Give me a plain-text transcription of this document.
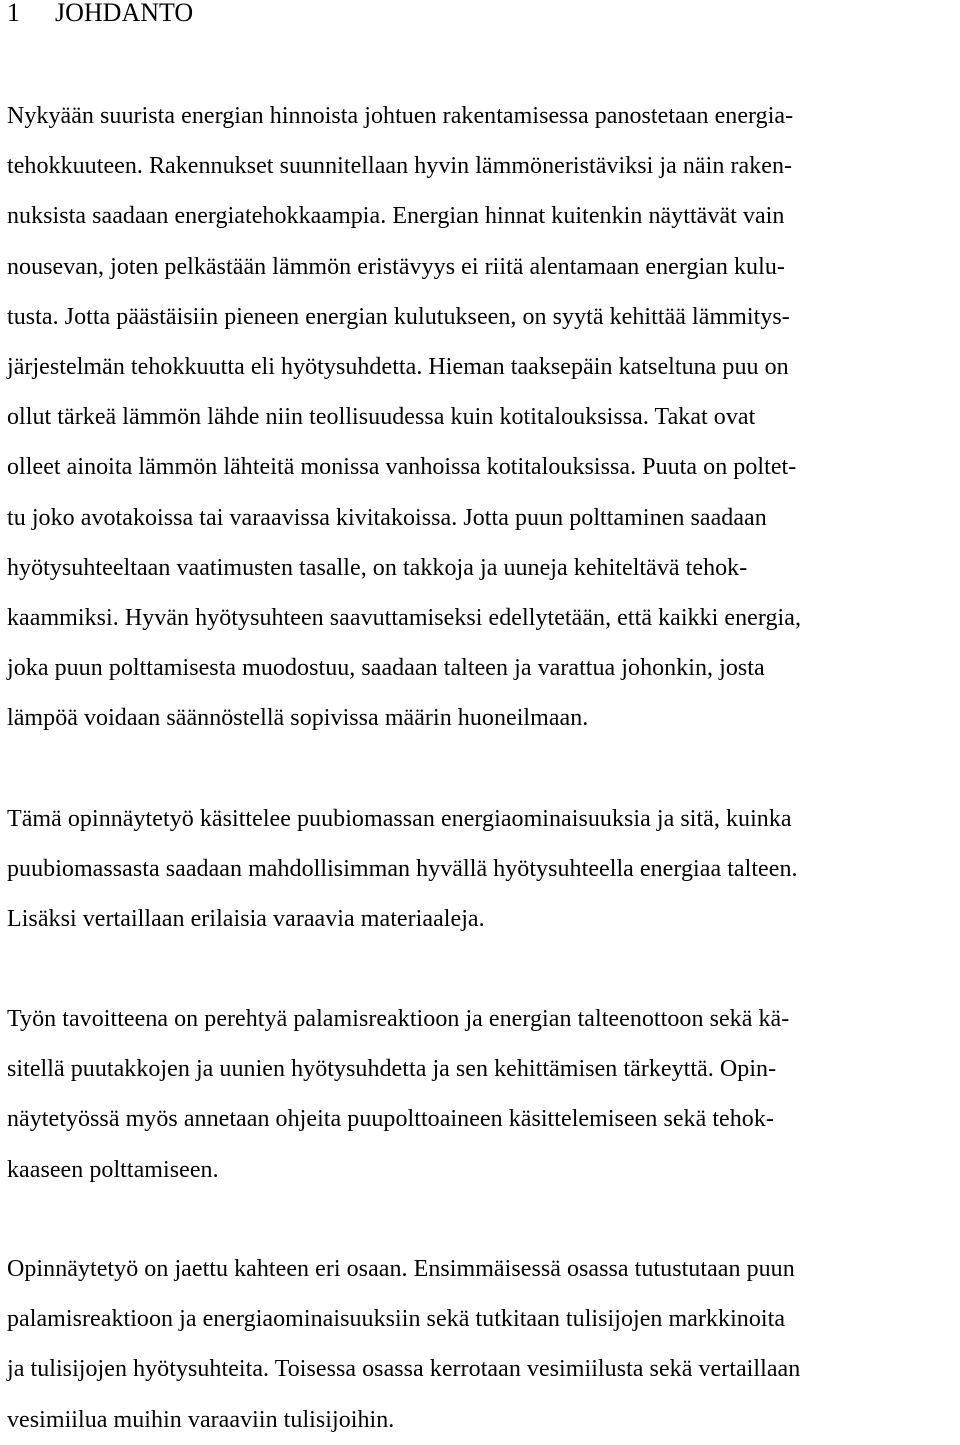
1 JOHDANTO

Nykyään suurista energian hinnoista johtuen rakentamisessa panostetaan energia-
tehokkuuteen. Rakennukset suunnitellaan hyvin lämmöneristäviksi ja näin raken-
nuksista saadaan energiatehokkaampia. Energian hinnat kuitenkin näyttävät vain
nousevan, joten pelkästään lämmön eristävyys ei riitä alentamaan energian kulu-
tusta. Jotta päästäisiin pieneen energian kulutukseen, on syytä kehittää lämmitys-
järjestelmän tehokkuutta eli hyötysuhdetta. Hieman taaksepäin katseltuna puu on
ollut tärkeä lämmön lähde niin teollisuudessa kuin kotitalouksissa. Takat ovat
olleet ainoita lämmön lähteitä monissa vanhoissa kotitalouksissa. Puuta on poltet-
tu joko avotakoissa tai varaavissa kivitakoissa. Jotta puun polttaminen saadaan
hyötysuhteeltaan vaatimusten tasalle, on takkoja ja uuneja kehiteltävä tehok-
kaammiksi. Hyvän hyötysuhteen saavuttamiseksi edellytetään, että kaikki energia,
joka puun polttamisesta muodostuu, saadaan talteen ja varattua johonkin, josta
lämpöä voidaan säännöstellä sopivissa määrin huoneilmaan.

Tämä opinnäytetyö käsittelee puubiomassan energiaominaisuuksia ja sitä, kuinka
puubiomassasta saadaan mahdollisimman hyvällä hyötysuhteella energiaa talteen.
Lisäksi vertaillaan erilaisia varaavia materiaaleja.

Työn tavoitteena on perehtyä palamisreaktioon ja energian talteenottoon sekä kä-
sitellä puutakkojen ja uunien hyötysuhdetta ja sen kehittämisen tärkeyttä. Opin-
näytetyössä myös annetaan ohjeita puupolttoaineen käsittelemiseen sekä tehok-
kaaseen polttamiseen.

Opinnäytetyö on jaettu kahteen eri osaan. Ensimmäisessä osassa tutustutaan puun
palamisreaktioon ja energiaominaisuuksiin sekä tutkitaan tulisijojen markkinoita
ja tulisijojen hyötysuhteita. Toisessa osassa kerrotaan vesimiilusta sekä vertaillaan
vesimiilua muihin varaaviin tulisijoihin.
